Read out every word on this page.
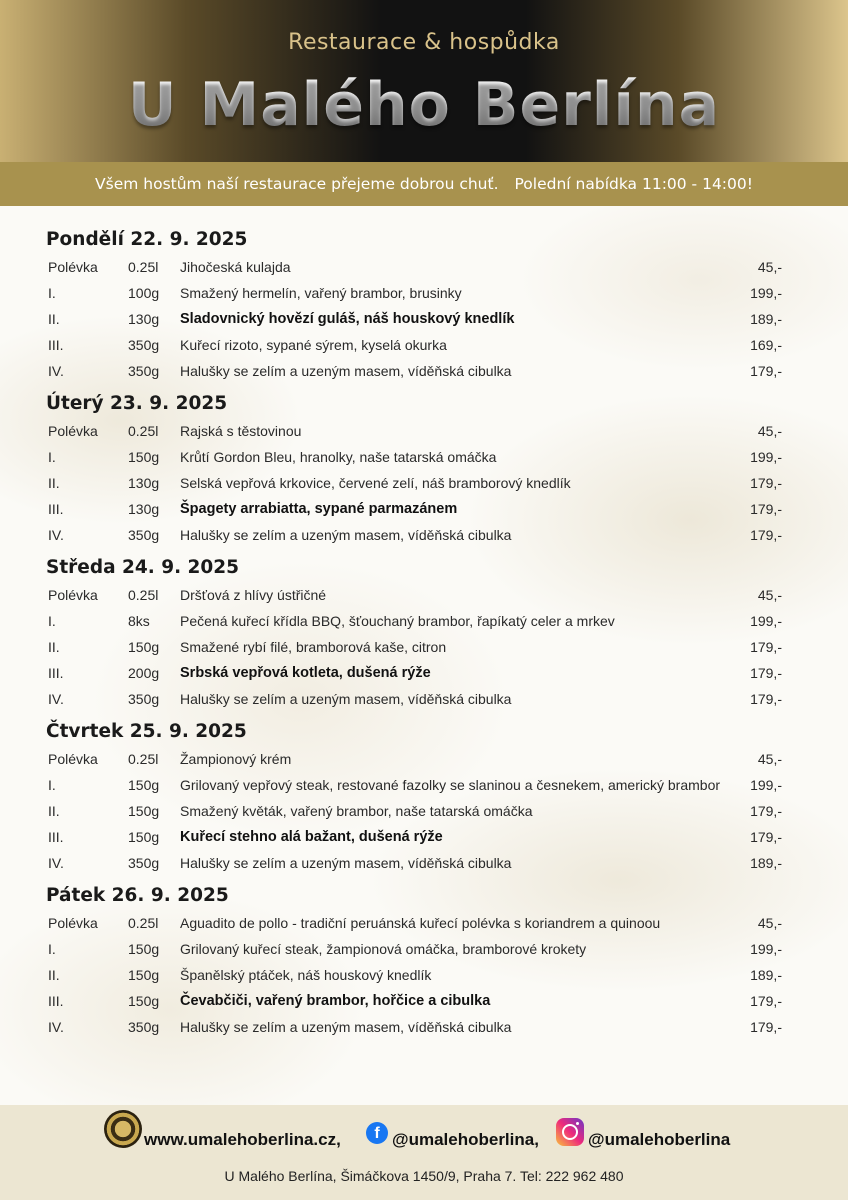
Restaurace & hospůdka
U Malého Berlína
Všem hostům naší restaurace přejeme dobrou chuť. Polední nabídka 11:00 - 14:00!
Pondělí 22. 9. 2025
Polévka 0.25l Jihočeská kulajda	45,-
I.	100g Smažený hermelín, vařený brambor, brusinky	199,-
II.	130g Sladovnický hovězí guláš, náš houskový knedlík	189,-
III.	350g Kuřecí rizoto, sypané sýrem, kyselá okurka	169,-
IV.	350g Halušky se zelím a uzeným masem, víděňská cibulka	179,-
Úterý 23. 9. 2025
Polévka 0.25l Rajská s těstovinou	45,-
I.	150g Krůtí Gordon Bleu, hranolky, naše tatarská omáčka	199,-
II.	130g Selská vepřová krkovice, červené zelí, náš bramborový knedlík	179,-
III.	130g Špagety arrabiatta, sypané parmazánem	179,-
IV.	350g Halušky se zelím a uzeným masem, víděňská cibulka	179,-
Středa 24. 9. 2025
Polévka 0.25l Dršťová z hlívy ústřičné	45,-
I.	8ks Pečená kuřecí křídla BBQ, šťouchaný brambor, řapíkatý celer a mrkev	199,-
II.	150g Smažené rybí filé, bramborová kaše, citron	179,-
III.	200g Srbská vepřová kotleta, dušená rýže	179,-
IV.	350g Halušky se zelím a uzeným masem, víděňská cibulka	179,-
Čtvrtek 25. 9. 2025
Polévka 0.25l Žampionový krém	45,-
I.	150g Grilovaný vepřový steak, restované fazolky se slaninou a česnekem, americký brambor	199,-
II.	150g Smažený květák, vařený brambor, naše tatarská omáčka	179,-
III.	150g Kuřecí stehno alá bažant, dušená rýže	179,-
IV.	350g Halušky se zelím a uzeným masem, víděňská cibulka	189,-
Pátek 26. 9. 2025
Polévka 0.25l Aguadito de pollo - tradiční peruánská kuřecí polévka s koriandrem a quinoou	45,-
I.	150g Grilovaný kuřecí steak, žampionová omáčka, bramborové krokety	199,-
II.	150g Španělský ptáček, náš houskový knedlík	189,-
III.	150g Čevabčiči, vařený brambor, hořčice a cibulka	179,-
IV.	350g Halušky se zelím a uzeným masem, víděňská cibulka	179,-
www.umalehoberlina.cz,	f @umalehoberlina,	@umalehoberlina
U Malého Berlína, Šimáčkova 1450/9, Praha 7. Tel: 222 962 480
